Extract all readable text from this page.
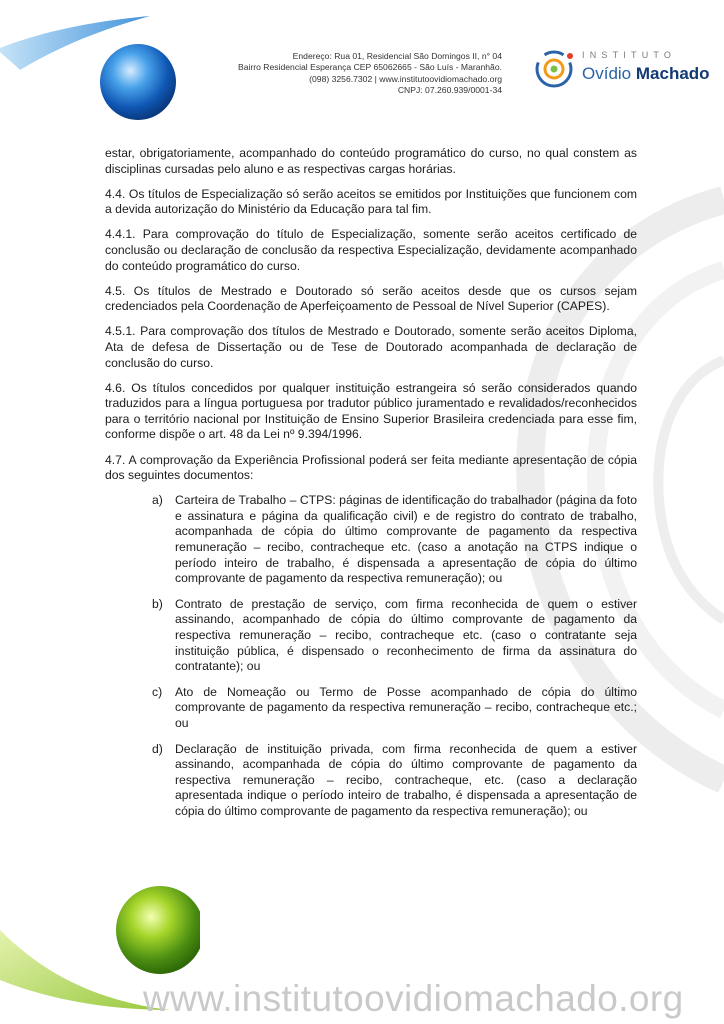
Endereço: Rua 01, Residencial São Domingos II, n° 04
Bairro Residencial Esperança CEP 65062665 - São Luís - Maranhão.
(098) 3256.7302 | www.institutoovidiomachado.org
CNPJ: 07.260.939/0001-34
INSTITUTO
Ovídio Machado

estar, obrigatoriamente, acompanhado do conteúdo programático do curso, no qual constem as disciplinas cursadas pelo aluno e as respectivas cargas horárias.

4.4. Os títulos de Especialização só serão aceitos se emitidos por Instituições que funcionem com a devida autorização do Ministério da Educação para tal fim.

4.4.1. Para comprovação do título de Especialização, somente serão aceitos certificado de conclusão ou declaração de conclusão da respectiva Especialização, devidamente acompanhado do conteúdo programático do curso.

4.5. Os títulos de Mestrado e Doutorado só serão aceitos desde que os cursos sejam credenciados pela Coordenação de Aperfeiçoamento de Pessoal de Nível Superior (CAPES).

4.5.1. Para comprovação dos títulos de Mestrado e Doutorado, somente serão aceitos Diploma, Ata de defesa de Dissertação ou de Tese de Doutorado acompanhada de declaração de conclusão do curso.

4.6. Os títulos concedidos por qualquer instituição estrangeira só serão considerados quando traduzidos para a língua portuguesa por tradutor público juramentado e revalidados/reconhecidos para o território nacional por Instituição de Ensino Superior Brasileira credenciada para esse fim, conforme dispõe o art. 48 da Lei nº 9.394/1996.

4.7. A comprovação da Experiência Profissional poderá ser feita mediante apresentação de cópia dos seguintes documentos:

a) Carteira de Trabalho – CTPS: páginas de identificação do trabalhador (página da foto e assinatura e página da qualificação civil) e de registro do contrato de trabalho, acompanhada de cópia do último comprovante de pagamento da respectiva remuneração – recibo, contracheque etc. (caso a anotação na CTPS indique o período inteiro de trabalho, é dispensada a apresentação de cópia do último comprovante de pagamento da respectiva remuneração); ou
b) Contrato de prestação de serviço, com firma reconhecida de quem o estiver assinando, acompanhado de cópia do último comprovante de pagamento da respectiva remuneração – recibo, contracheque etc. (caso o contratante seja instituição pública, é dispensado o reconhecimento de firma da assinatura do contratante); ou
c) Ato de Nomeação ou Termo de Posse acompanhado de cópia do último comprovante de pagamento da respectiva remuneração – recibo, contracheque etc.; ou
d) Declaração de instituição privada, com firma reconhecida de quem a estiver assinando, acompanhada de cópia do último comprovante de pagamento da respectiva remuneração – recibo, contracheque, etc. (caso a declaração apresentada indique o período inteiro de trabalho, é dispensada a apresentação de cópia do último comprovante de pagamento da respectiva remuneração); ou
www.institutoovidiomachado.org
